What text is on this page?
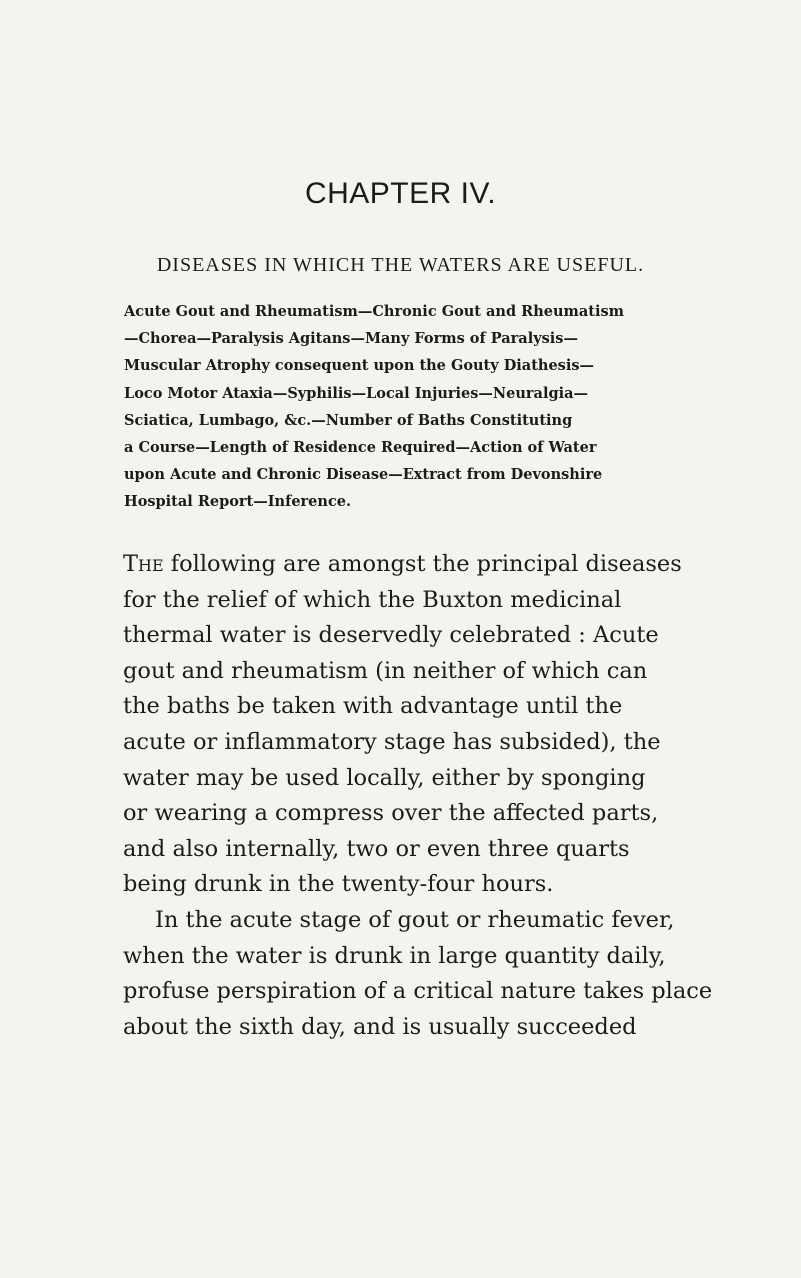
CHAPTER IV.
DISEASES IN WHICH THE WATERS ARE USEFUL.
Acute Gout and Rheumatism—Chronic Gout and Rheumatism
—Chorea—Paralysis Agitans—Many Forms of Paralysis—
Muscular Atrophy consequent upon the Gouty Diathesis—
Loco Motor Ataxia—Syphilis—Local Injuries—Neuralgia—
Sciatica, Lumbago, &c.—Number of Baths Constituting
a Course—Length of Residence Required—Action of Water
upon Acute and Chronic Disease—Extract from Devonshire
Hospital Report—Inference.
The following are amongst the principal diseases
for the relief of which the Buxton medicinal
thermal water is deservedly celebrated : Acute
gout and rheumatism (in neither of which can
the baths be taken with advantage until the
acute or inflammatory stage has subsided), the
water may be used locally, either by sponging
or wearing a compress over the affected parts,
and also internally, two or even three quarts
being drunk in the twenty-four hours.
In the acute stage of gout or rheumatic fever,
when the water is drunk in large quantity daily,
profuse perspiration of a critical nature takes place
about the sixth day, and is usually succeeded
